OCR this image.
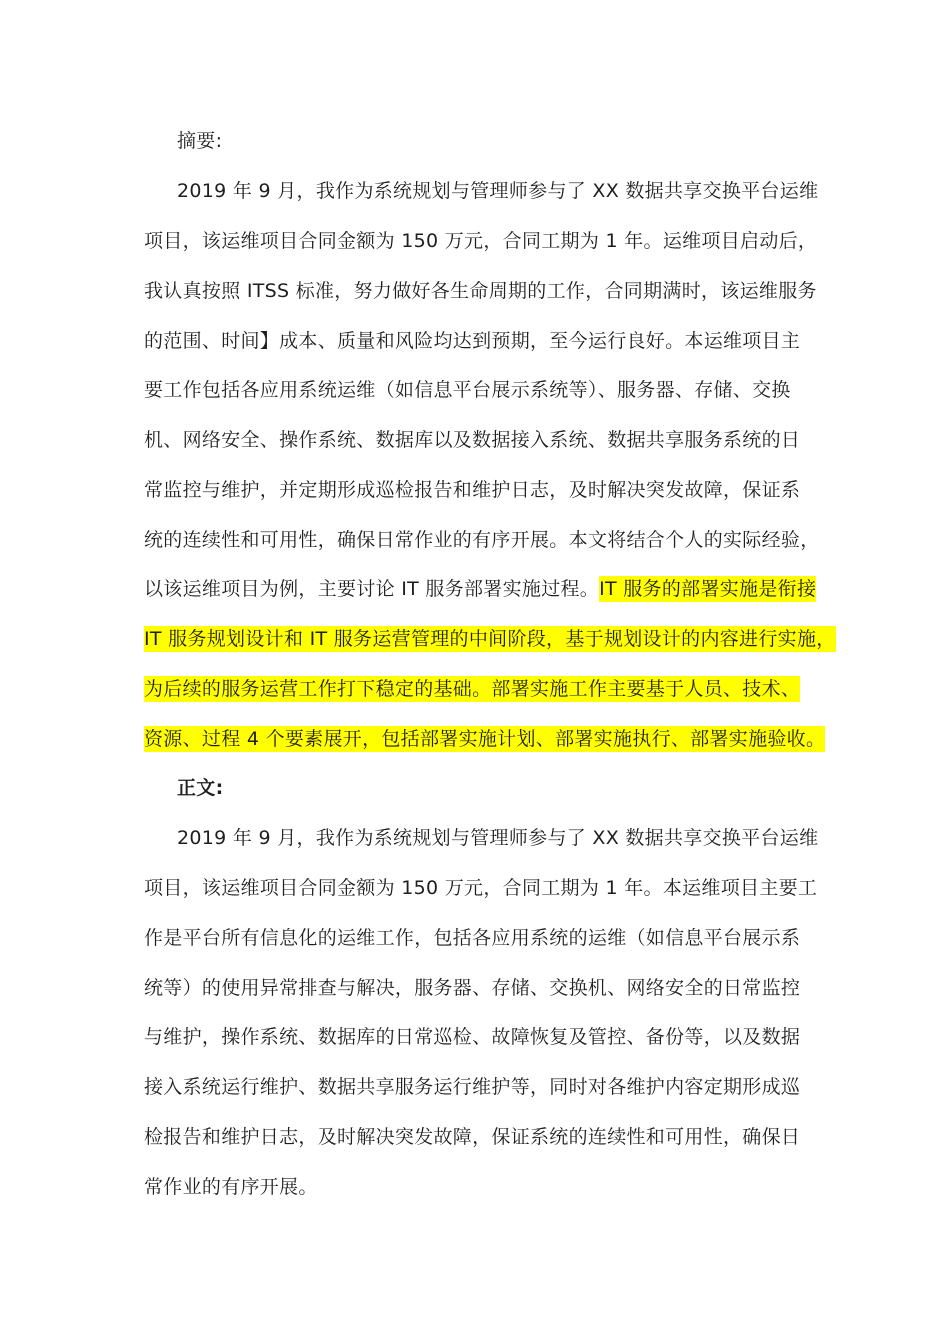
摘要:
2019 年 9 月，我作为系统规划与管理师参与了 XX 数据共享交换平台运维
项目，该运维项目合同金额为 150 万元，合同工期为 1 年。运维项目启动后，
我认真按照 ITSS 标准，努力做好各生命周期的工作，合同期满时，该运维服务
的范围、时间】成本、质量和风险均达到预期，至今运行良好。本运维项目主
要工作包括各应用系统运维（如信息平台展示系统等）、服务器、存储、交换
机、网络安全、操作系统、数据库以及数据接入系统、数据共享服务系统的日
常监控与维护，并定期形成巡检报告和维护日志，及时解决突发故障，保证系
统的连续性和可用性，确保日常作业的有序开展。本文将结合个人的实际经验，
以该运维项目为例，主要讨论 IT 服务部署实施过程。IT 服务的部署实施是衔接
IT 服务规划设计和 IT 服务运营管理的中间阶段，基于规划设计的内容进行实施，
为后续的服务运营工作打下稳定的基础。部署实施工作主要基于人员、技术、
资源、过程 4 个要素展开，包括部署实施计划、部署实施执行、部署实施验收。
正文:
2019 年 9 月，我作为系统规划与管理师参与了 XX 数据共享交换平台运维
项目，该运维项目合同金额为 150 万元，合同工期为 1 年。本运维项目主要工
作是平台所有信息化的运维工作，包括各应用系统的运维（如信息平台展示系
统等）的使用异常排查与解决，服务器、存储、交换机、网络安全的日常监控
与维护，操作系统、数据库的日常巡检、故障恢复及管控、备份等，以及数据
接入系统运行维护、数据共享服务运行维护等，同时对各维护内容定期形成巡
检报告和维护日志，及时解决突发故障，保证系统的连续性和可用性，确保日
常作业的有序开展。
